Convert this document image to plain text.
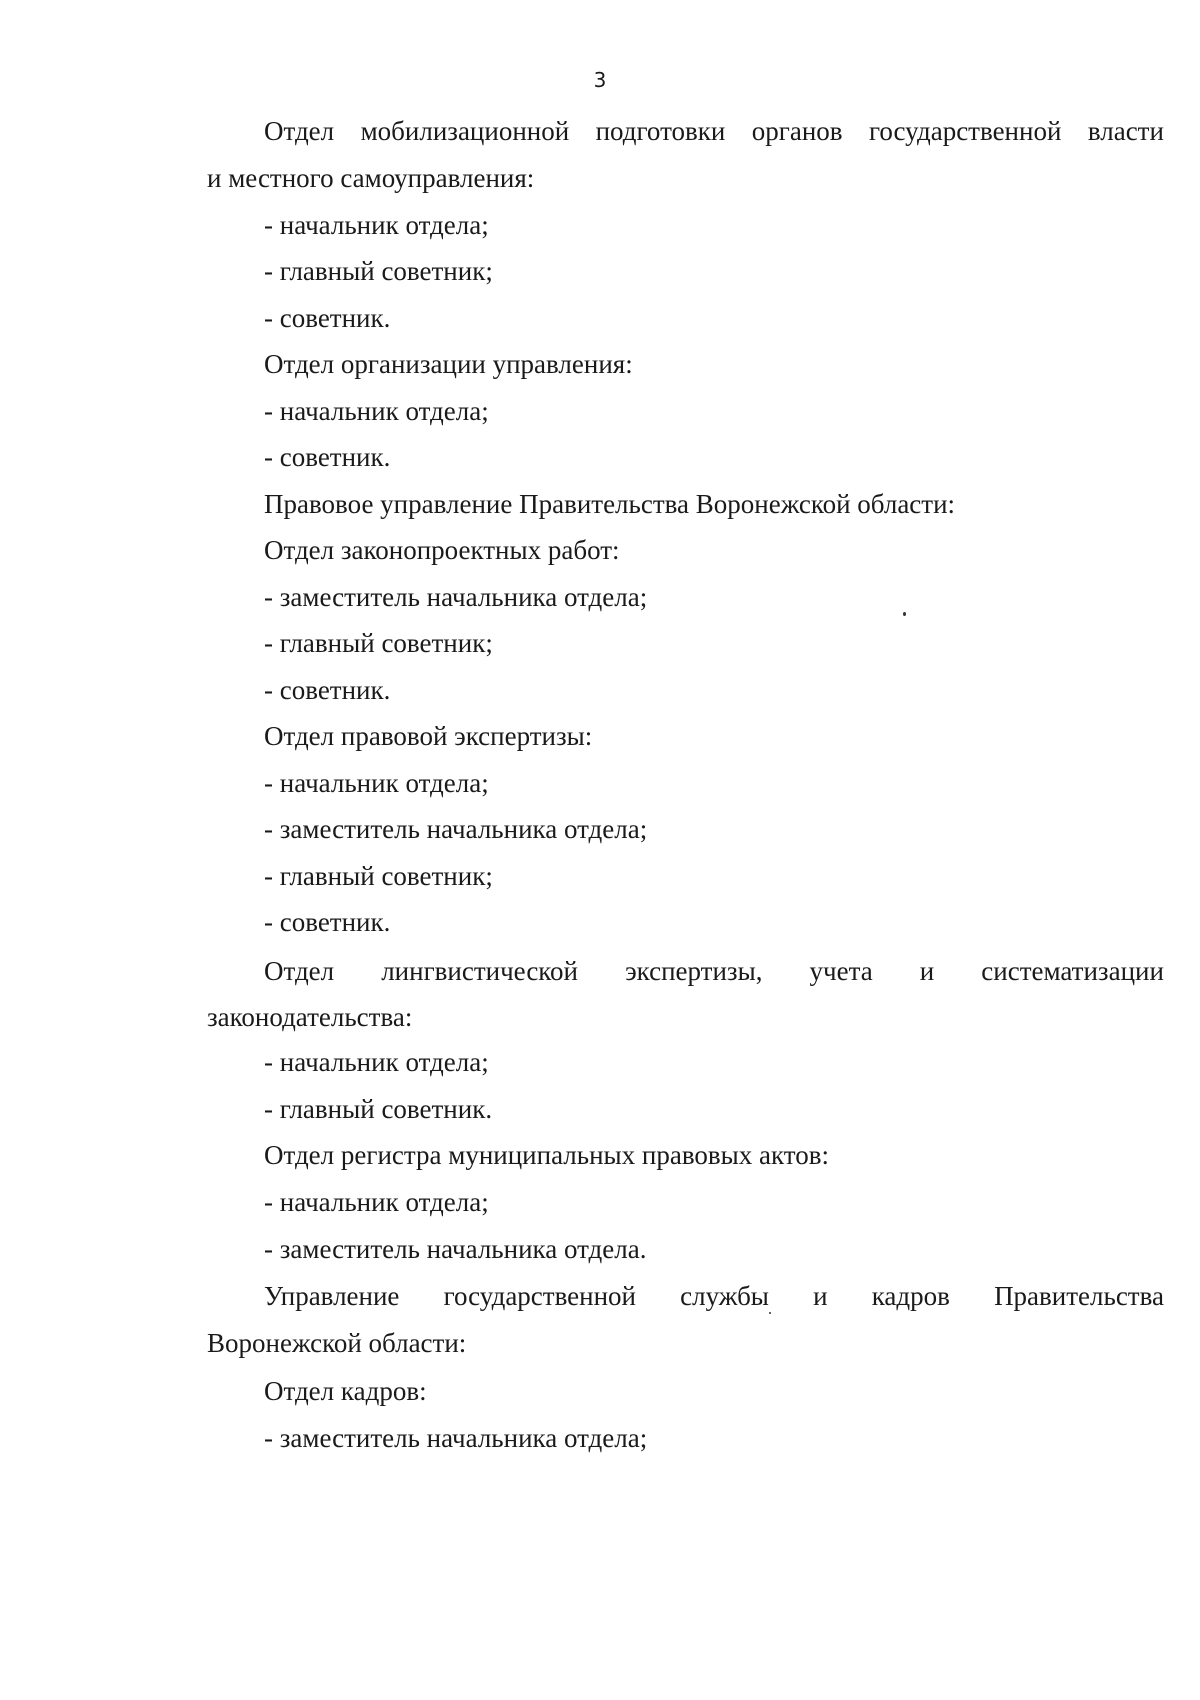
3
Отдел мобилизационной подготовки органов государственной власти
и местного самоуправления:
- начальник отдела;
- главный советник;
- советник.
Отдел организации управления:
- начальник отдела;
- советник.
Правовое управление Правительства Воронежской области:
Отдел законопроектных работ:
- заместитель начальника отдела;
- главный советник;
- советник.
Отдел правовой экспертизы:
- начальник отдела;
- заместитель начальника отдела;
- главный советник;
- советник.
Отдел лингвистической экспертизы, учета и систематизации
законодательства:
- начальник отдела;
- главный советник.
Отдел регистра муниципальных правовых актов:
- начальник отдела;
- заместитель начальника отдела.
Управление государственной службы и кадров Правительства
Воронежской области:
Отдел кадров:
- заместитель начальника отдела;
